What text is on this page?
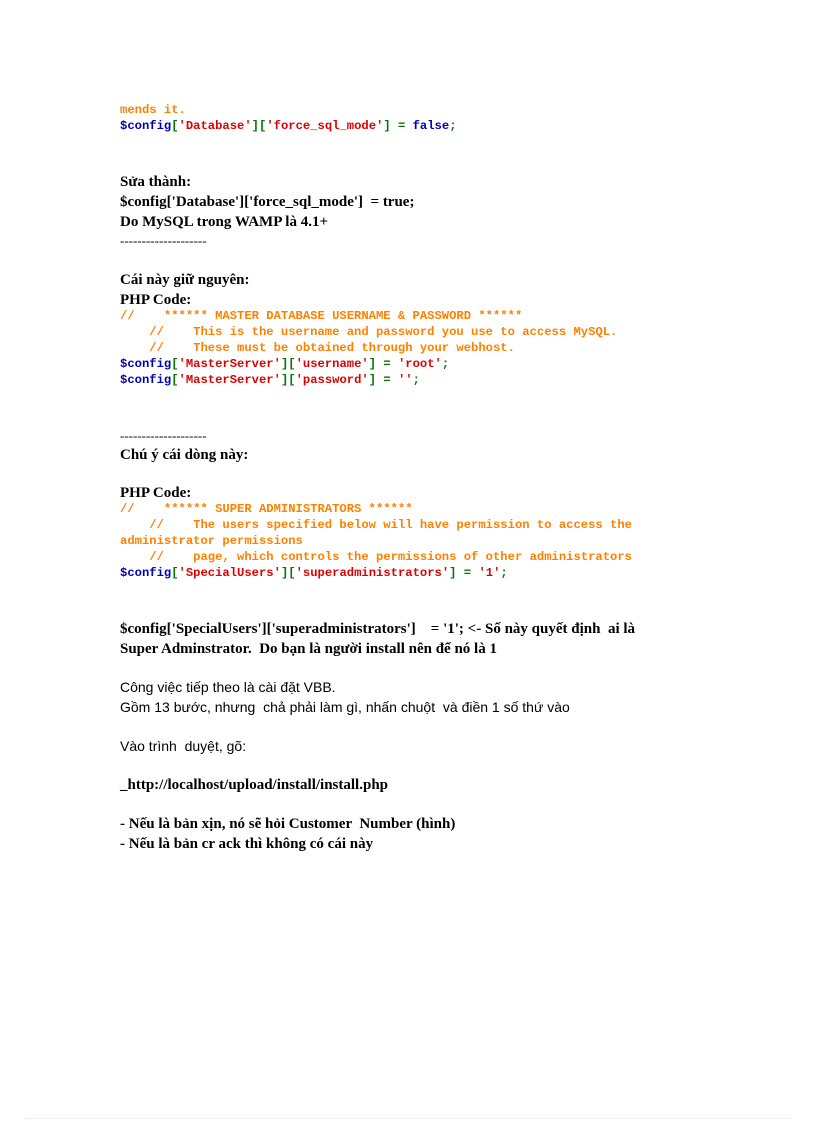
mends it.
$config['Database']['force_sql_mode'] = false;
Sửa thành:
$config['Database']['force_sql_mode']  = true;
Do MySQL trong WAMP là 4.1+
--------------------
Cái này giữ nguyên:
PHP Code:
//    ****** MASTER DATABASE USERNAME & PASSWORD ******
//    This is the username and password you use to access MySQL.
//    These must be obtained through your webhost.
$config['MasterServer']['username'] = 'root';
$config['MasterServer']['password'] = '';
--------------------
Chú ý cái dòng này:
PHP Code:
//    ****** SUPER ADMINISTRATORS ******
//    The users specified below will have permission to access the
administrator permissions
//    page, which controls the permissions of other administrators
$config['SpecialUsers']['superadministrators'] = '1';
$config['SpecialUsers']['superadministrators']    = '1'; <- Số này quyết định  ai là
Super Adminstrator.  Do bạn là người install nên để nó là 1
Công việc tiếp theo là cài đặt VBB.
Gồm 13 bước, nhưng  chả phải làm gì, nhấn chuột  và điền 1 số thứ vào
Vào trình  duyệt, gõ:
_http://localhost/upload/install/install.php
- Nếu là bản xịn, nó sẽ hỏi Customer  Number (hình)
- Nếu là bản cr ack thì không có cái này
